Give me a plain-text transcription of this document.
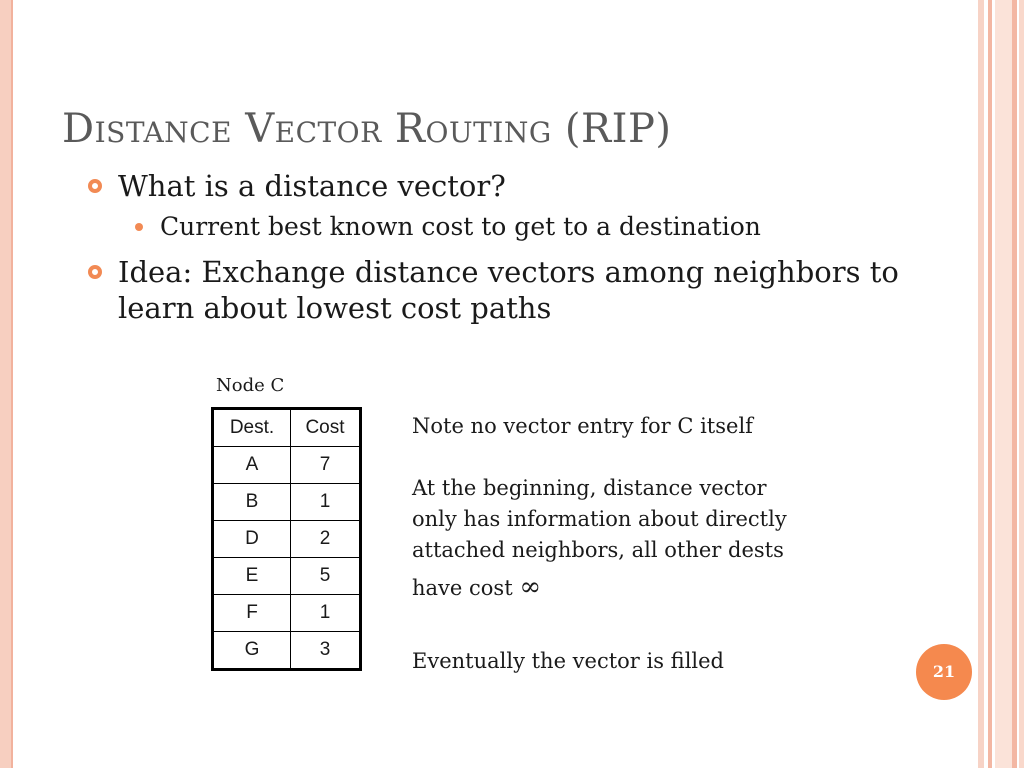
Distance Vector Routing (RIP)
What is a distance vector?
Current best known cost to get to a destination
Idea: Exchange distance vectors among neighbors to learn about lowest cost paths
Node C
Dest.	Cost
A	7
B	1
D	2
E	5
F	1
G	3
Note no vector entry for C itself
At the beginning, distance vector
only has information about directly
attached neighbors, all other dests
have cost ∞
Eventually the vector is filled	21
